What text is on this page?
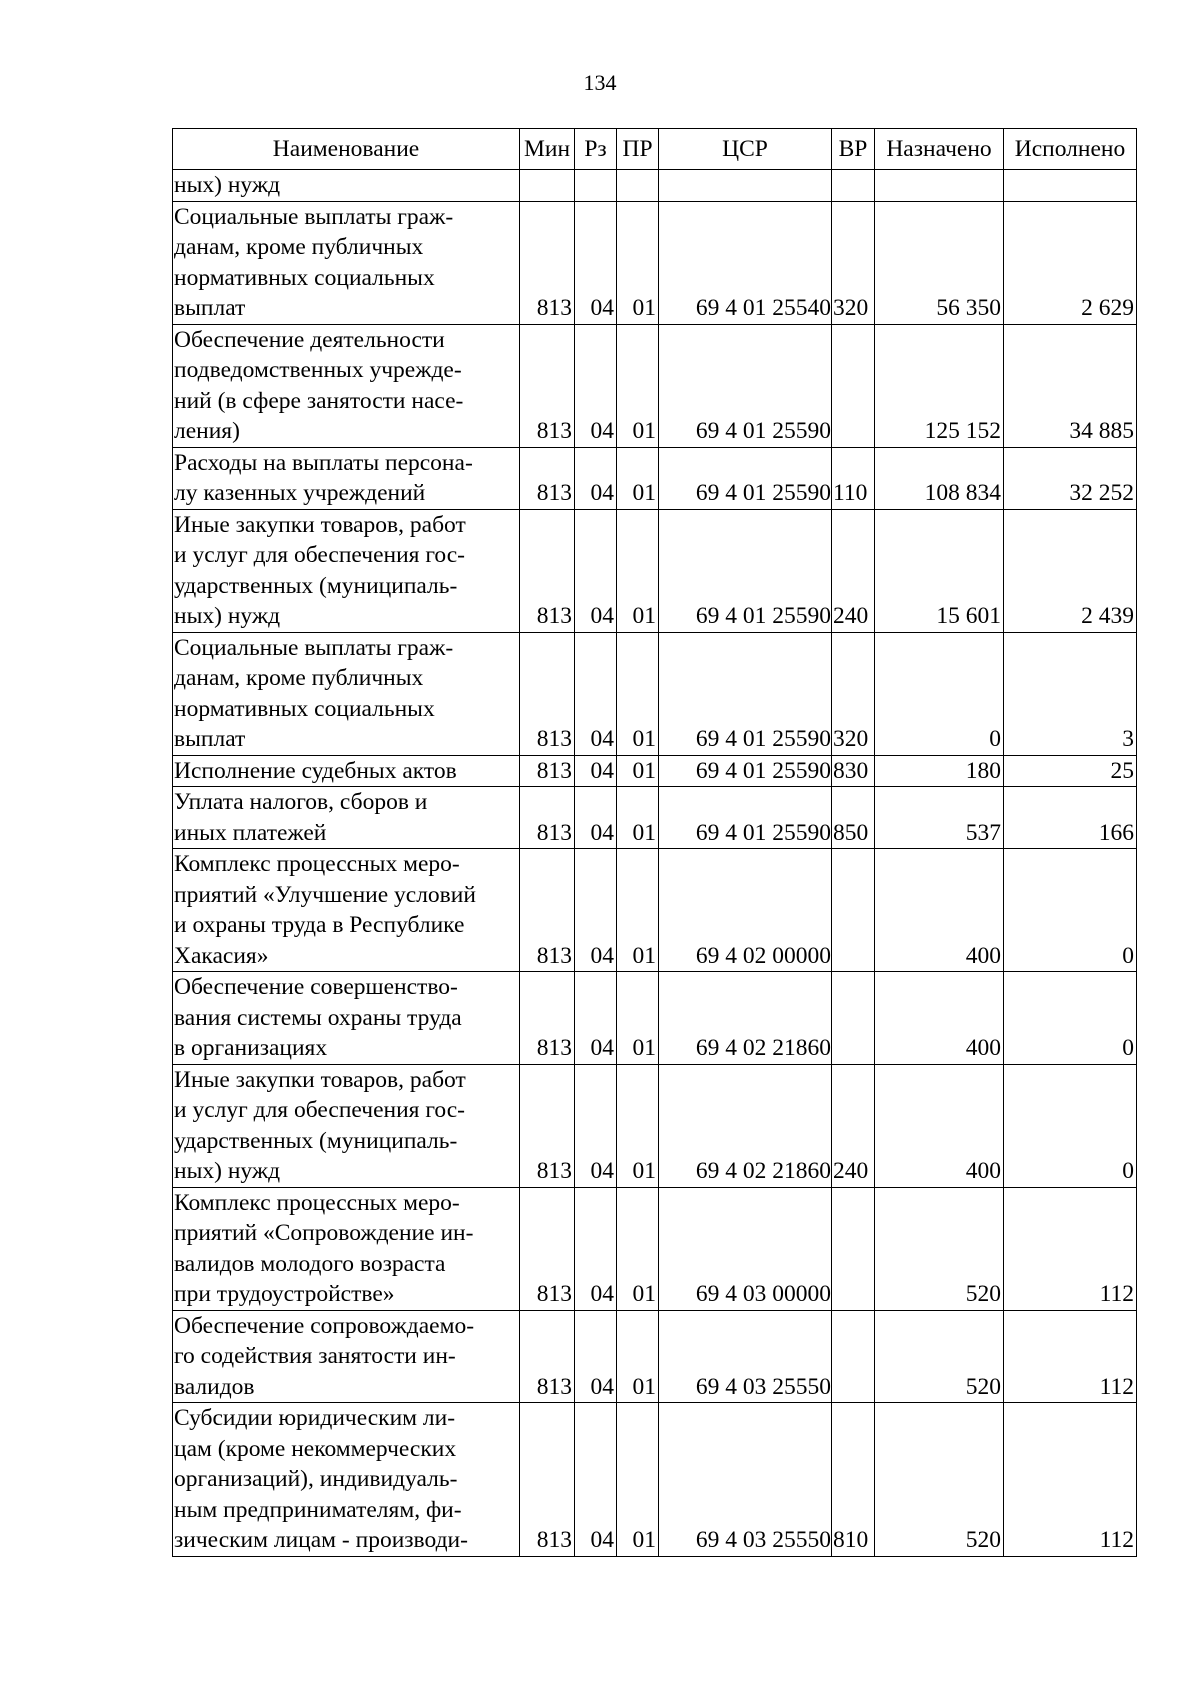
134
Наименование	Мин	Рз	ПР	ЦСР	ВР	Назначено	Исполнено

ных) нужд							

Социальные выплаты граж-
данам, кроме публичных
нормативных социальных
выплат	813	04	01	69 4 01 25540	320	56 350	2 629

Обеспечение деятельности
подведомственных учрежде-
ний (в сфере занятости насе-
ления)	813	04	01	69 4 01 25590		125 152	34 885

Расходы на выплаты персона-
лу казенных учреждений	813	04	01	69 4 01 25590	110	108 834	32 252

Иные закупки товаров, работ
и услуг для обеспечения гос-
ударственных (муниципаль-
ных) нужд	813	04	01	69 4 01 25590	240	15 601	2 439

Социальные выплаты граж-
данам, кроме публичных
нормативных социальных
выплат	813	04	01	69 4 01 25590	320	0	3

Исполнение судебных актов	813	04	01	69 4 01 25590	830	180	25

Уплата налогов, сборов и
иных платежей	813	04	01	69 4 01 25590	850	537	166

Комплекс процессных меро-
приятий «Улучшение условий
и охраны труда в Республике
Хакасия»	813	04	01	69 4 02 00000		400	0

Обеспечение совершенство-
вания системы охраны труда
в организациях	813	04	01	69 4 02 21860		400	0

Иные закупки товаров, работ
и услуг для обеспечения гос-
ударственных (муниципаль-
ных) нужд	813	04	01	69 4 02 21860	240	400	0

Комплекс процессных меро-
приятий «Сопровождение ин-
валидов молодого возраста
при трудоустройстве»	813	04	01	69 4 03 00000		520	112

Обеспечение сопровождаемо-
го содействия занятости ин-
валидов	813	04	01	69 4 03 25550		520	112

Субсидии юридическим ли-
цам (кроме некоммерческих
организаций), индивидуаль-
ным предпринимателям, фи-
зическим лицам - производи-	813	04	01	69 4 03 25550	810	520	112
